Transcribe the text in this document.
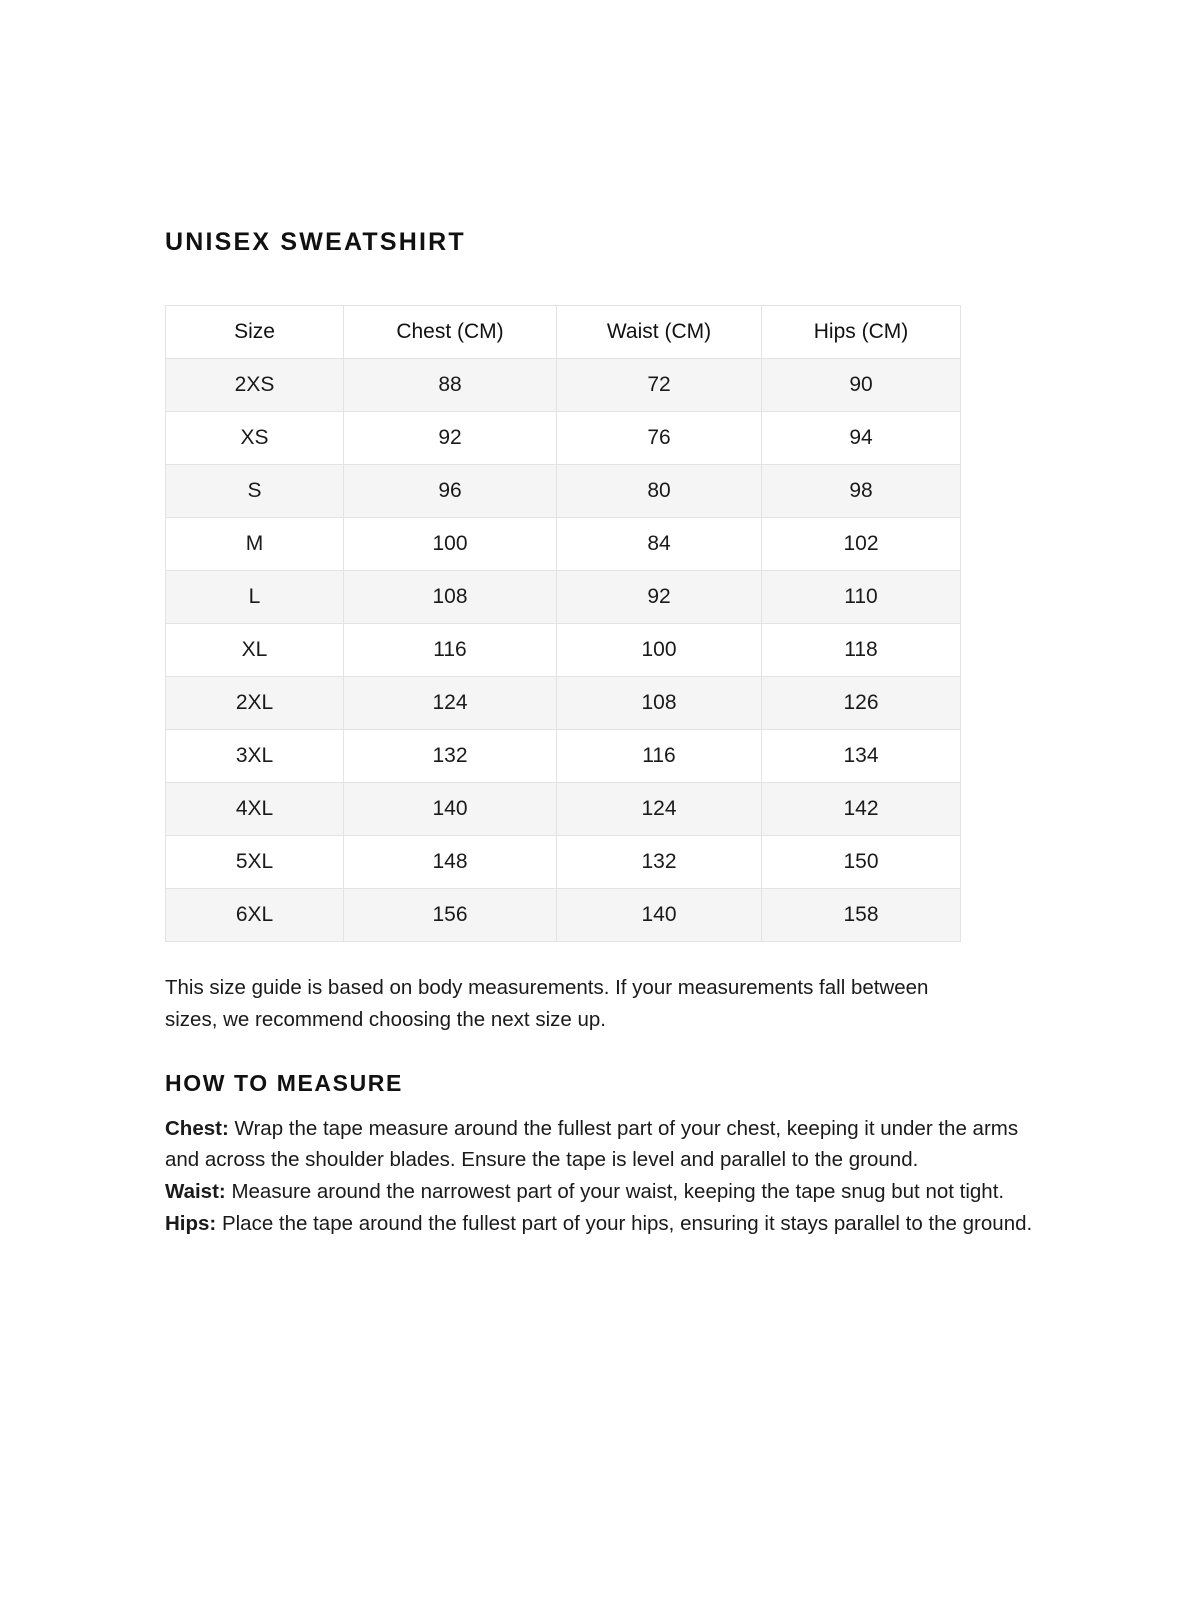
UNISEX SWEATSHIRT
Size	Chest (CM)	Waist (CM)	Hips (CM)
2XS	88	72	90
XS	92	76	94
S	96	80	98
M	100	84	102
L	108	92	110
XL	116	100	118
2XL	124	108	126
3XL	132	116	134
4XL	140	124	142
5XL	148	132	150
6XL	156	140	158

This size guide is based on body measurements. If your measurements fall between sizes, we recommend choosing the next size up.

HOW TO MEASURE

Chest: Wrap the tape measure around the fullest part of your chest, keeping it under the arms and across the shoulder blades. Ensure the tape is level and parallel to the ground.

Waist: Measure around the narrowest part of your waist, keeping the tape snug but not tight.

Hips: Place the tape around the fullest part of your hips, ensuring it stays parallel to the ground.
